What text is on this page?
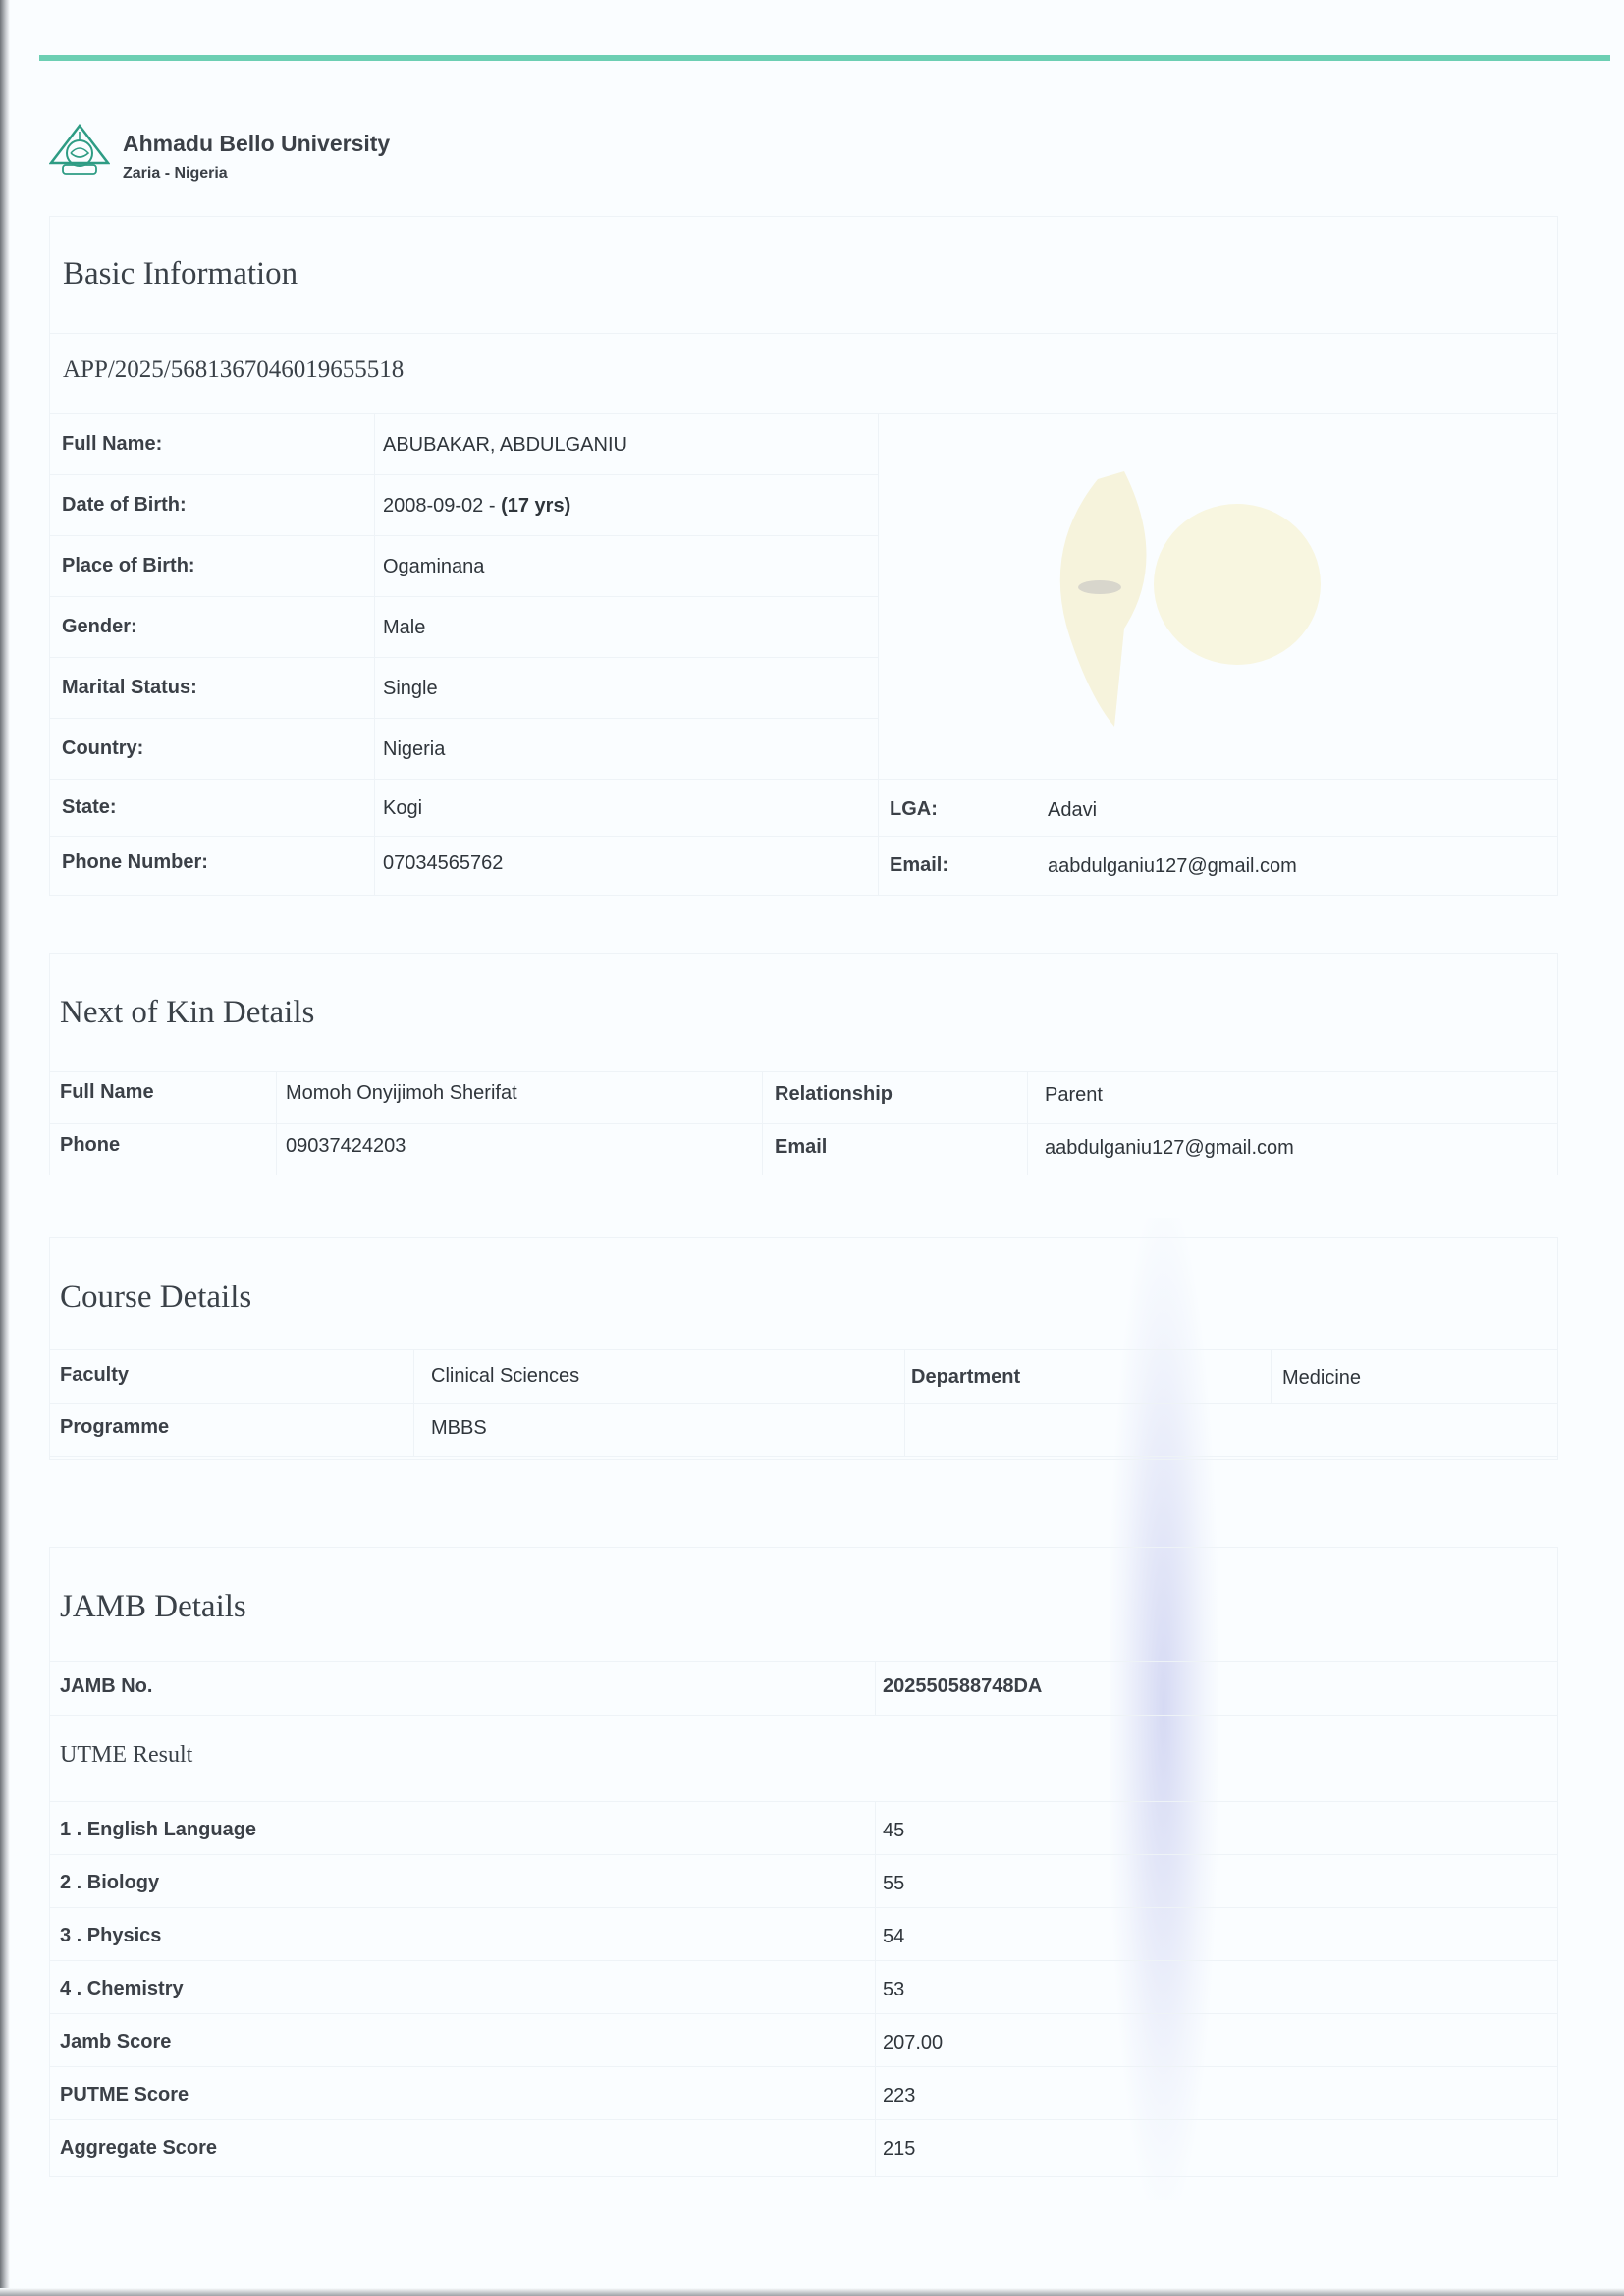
Ahmadu Bello University
Zaria - Nigeria
Basic Information
APP/2025/5681367046019655518
Full Name:	ABUBAKAR, ABDULGANIU
Date of Birth:	2008-09-02 - (17 yrs)
Place of Birth:	Ogaminana
Gender:	Male
Marital Status:	Single
Country:	Nigeria
State:	Kogi	LGA:	Adavi
Phone Number:	07034565762	Email:	aabdulganiu127@gmail.com
Next of Kin Details
Full Name	Momoh Onyijimoh Sherifat	Relationship	Parent
Phone	09037424203	Email	aabdulganiu127@gmail.com
Course Details
Faculty	Clinical Sciences	Department	Medicine
Programme	MBBS
JAMB Details
JAMB No.	202550588748DA
UTME Result
1 . English Language	45
2 . Biology	55
3 . Physics	54
4 . Chemistry	53
Jamb Score	207.00
PUTME Score	223
Aggregate Score	215
